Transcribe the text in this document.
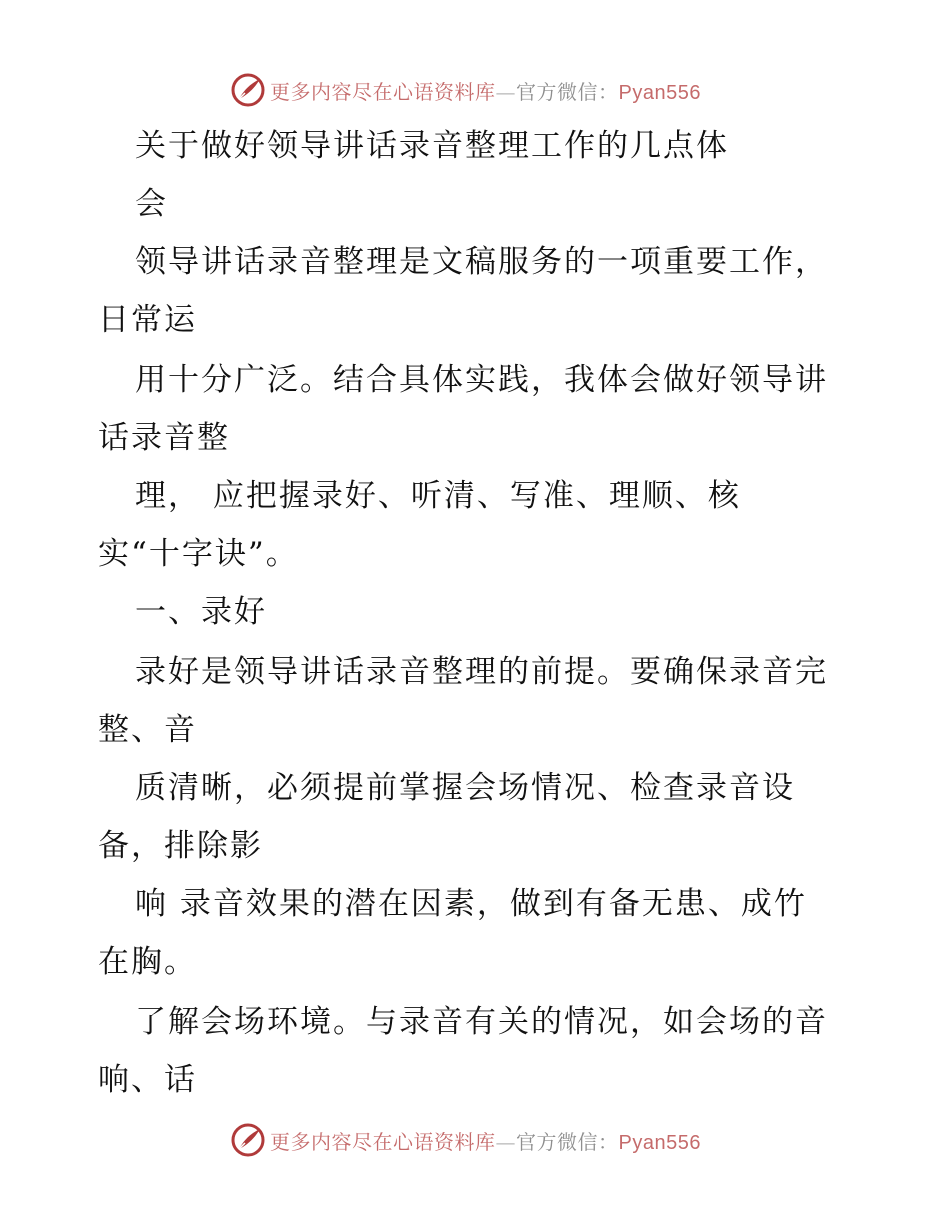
更多内容尽在心语资料库—官方微信：Pyan556
关于做好领导讲话录音整理工作的几点体
会
领导讲话录音整理是文稿服务的一项重要工作，
日常运
用十分广泛。结合具体实践，我体会做好领导讲
话录音整
理， 应把握录好、听清、写准、理顺、核
实“十字诀”。
一、录好
录好是领导讲话录音整理的前提。要确保录音完
整、音
质清晰，必须提前掌握会场情况、检查录音设
备，排除影
响 录音效果的潜在因素，做到有备无患、成竹
在胸。
了解会场环境。与录音有关的情况，如会场的音
响、话
更多内容尽在心语资料库—官方微信：Pyan556
